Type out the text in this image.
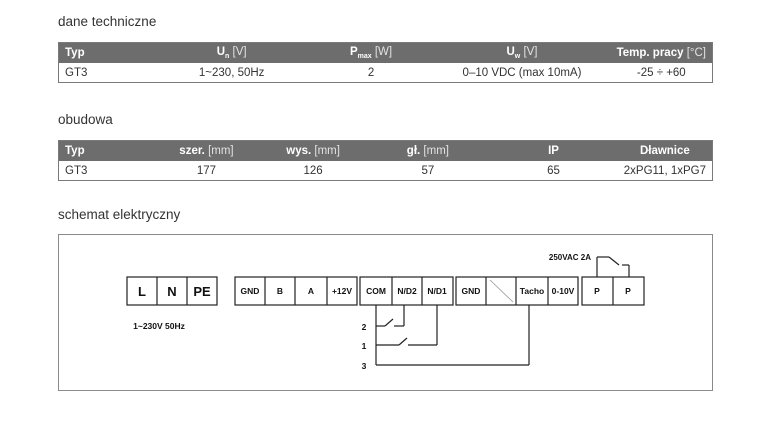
dane techniczne
Typ	$U_n$ [V]	$P_{max}$ [W]	$U_w$ [V]	Temp. pracy [°C]
GT3	1~230, 50Hz	2	0–10 VDC (max 10mA)	-25 ÷ +60
obudowa
Typ	szer. [mm]	wys. [mm]	gł. [mm]	IP	Dławnice
GT3	177	126	57	65	2xPG11, 1xPG7
schemat elektryczny
L N PE	GND B	A +12V COM N/D2 N/D1 GND	Tacho 0-10V P	P
2
1
3
1~230V 50Hz
250VAC 2A
